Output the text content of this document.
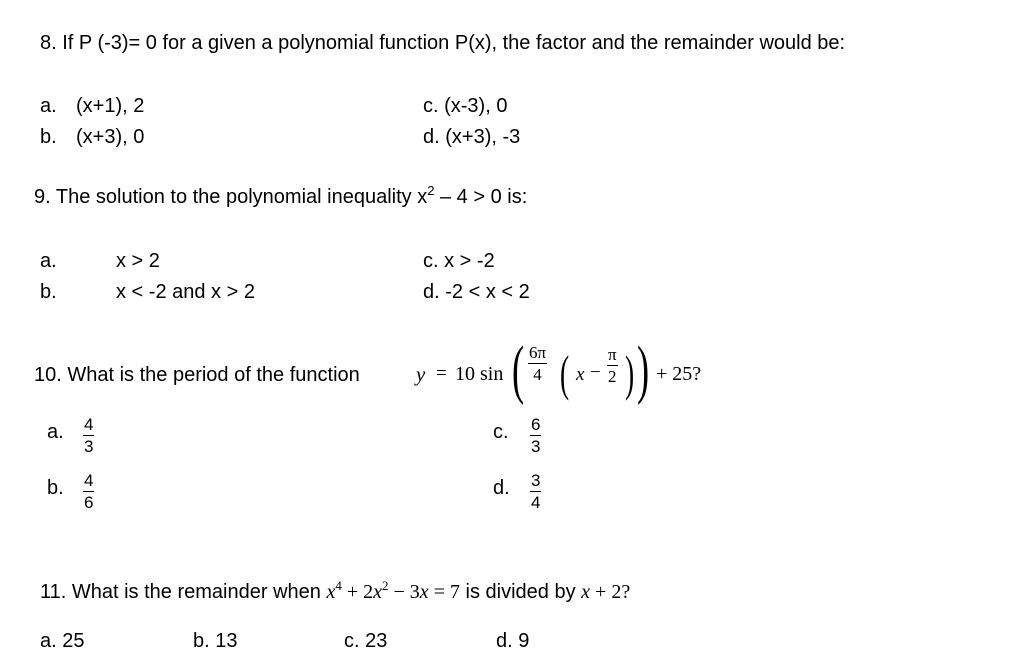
8. If P (-3)= 0 for a given a polynomial function P(x), the factor and the remainder would be:
a. (x+1), 2
b. (x+3), 0
c. (x-3), 0
d. (x+3), -3
9. The solution to the polynomial inequality $x^2 - 4 > 0$ is:
a.	x > 2
b.	x < -2 and x > 2
c. x > -2
d. -2 < x < 2
10. What is the period of the function	y = 10 sin ( 6π
4 ( x −
π
2 ) ) + 25?
a. 4
3
b. 4
6
c. 6
3
d. 3
4
11. What is the remainder when $x^4 + 2x^2 - 3x = 7$ is divided by x + 2?
a. 25	b. 13	c. 23	d. 9
